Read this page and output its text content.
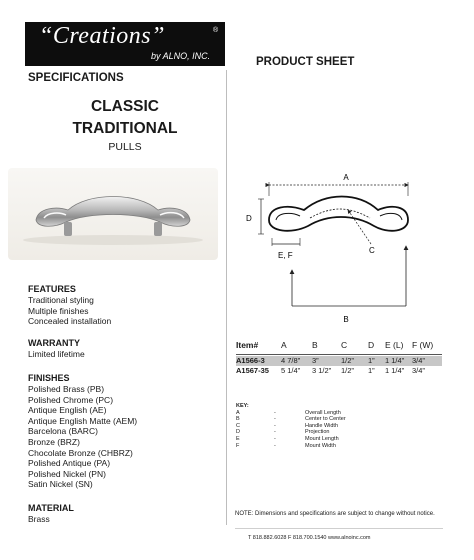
“Creations”	®
by ALNO, INC.
SPECIFICATIONS
PRODUCT SHEET
CLASSIC
TRADITIONAL
PULLS
FEATURES
Traditional styling
Multiple finishes
Concealed installation
WARRANTY
Limited lifetime
FINISHES
Polished Brass (PB)
Polished Chrome (PC)
Antique English (AE)
Antique English Matte (AEM)
Barcelona (BARC)
Bronze (BRZ)
Chocolate Bronze (CHBRZ)
Polished Antique (PA)
Polished Nickel (PN)
Satin Nickel (SN)
MATERIAL
Brass
A
D
E, F
C
B
Item#	A	B	C D E (L) F (W)
A1566-3 4 7/8” 3”	1/2” 1” 1 1/4” 3/4”
A1567-35 5 1/4” 3 1/2” 1/2” 1” 1 1/4” 3/4”
KEY:
A	-	Overall Length
B	-	Center to Center
C	-	Handle Width
D	-	Projection
E	-	Mount Length
F	-	Mount Width
NOTE: Dimensions and specifications are subject to change without notice.
T 818.882.6028 F 818.700.1540 www.alnoinc.com
